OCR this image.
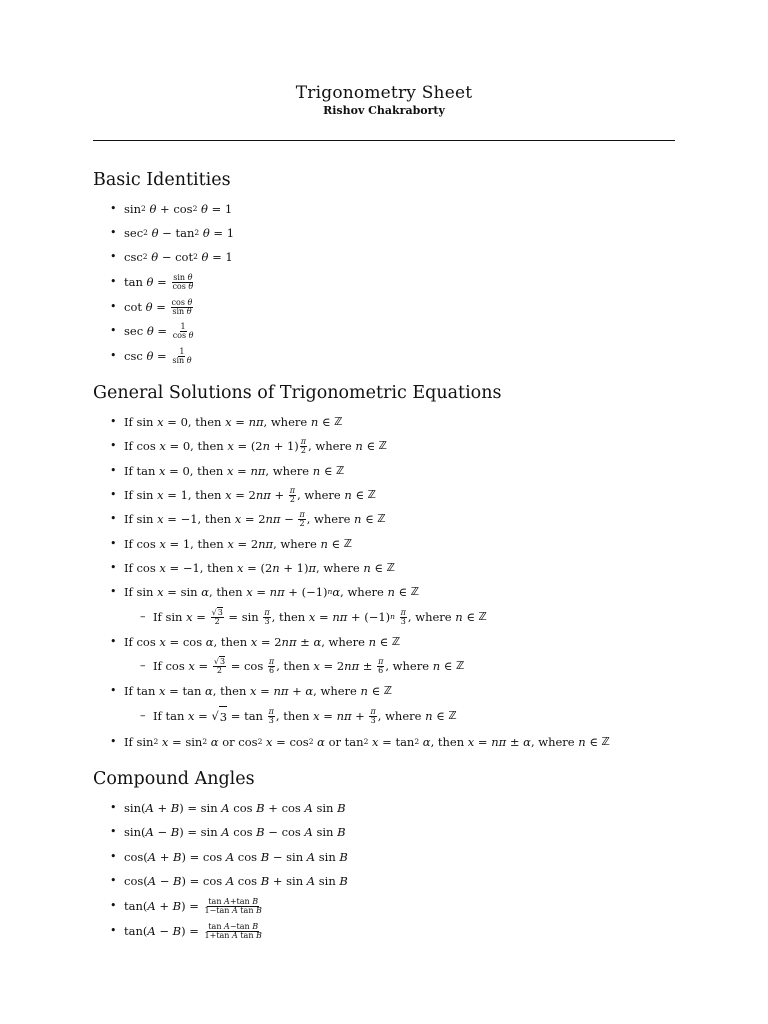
Trigonometry Sheet
Rishov Chakraborty
Basic Identities
• sin 2
θ + cos 2
θ = 1
• sec 2
θ − tan 2
θ = 1
• csc 2
θ − cot 2
θ = 1
• $\tan \theta = \frac{\text{sin θ}}{\text{cos θ}}$
• $\cot \theta = \frac{\text{cos θ}}{\text{sin θ}}$
• $\sec \theta = \frac{1}{\text{cos θ}}$
• $\csc \theta = \frac{1}{\text{sin θ}}$
General Solutions of Trigonometric Equations
• If sin x = 0, then
x = nπ , where
n ∈ ℤ
• If cos x = 0, then
x = (2 $n + 1) \frac{\pi}{2}$ , where
n ∈ ℤ
• If tan x = 0, then
x = nπ , where
n ∈ ℤ
• If sin x = 1, then
x = 2 $n\pi + \frac{\pi}{2}$ , where
n ∈ ℤ
• If sin x = −1, then
x = 2 $n\pi - \frac{\pi}{2}$ , where
n ∈ ℤ
• If cos x = 1, then
x = 2 nπ , where
n ∈ ℤ
• If cos x = −1, then
x = (2 n + 1) π , where
n ∈ ℤ
• If sin x = sin α , then
x = nπ + (−1) n α , where
n ∈ ℤ
– If $\sin x = \frac{√3}{2} = \sin \frac{\pi}{3}$ , then
x = nπ + (−1) n
$\frac{\pi}{3}$ , where
n ∈ ℤ
• If cos x = cos α , then
x = 2 nπ ± α , where
n ∈ ℤ
– If $\cos x = \frac{√3}{2} = \cos \frac{\pi}{6}$ , then
x = 2 $n\pi \pm \frac{\pi}{6}$ , where
n ∈ ℤ
• If tan x = tan α , then
x = nπ + α , where
n ∈ ℤ
– If tan x = √ $3 = \tan \frac{\pi}{3}$ , then
$x = n\pi + \frac{\pi}{3}$ , where
n ∈ ℤ
• If sin 2
x = sin 2
α
or cos 2
x = cos 2
α
or tan 2
x = tan 2
α , then
x = nπ ± α , where
n ∈ ℤ
Compound Angles
• sin( A + B ) = sin A cos B + cos A sin B
• sin( A − B ) = sin A cos B − cos A sin B
• cos( A + B ) = cos A cos B − sin A sin B
• cos( A − B ) = cos A cos B + sin A sin B
• tan( A + B ) = $\frac{\text{tan A+tan B}}{\text{1−tan A tan B}}$
• tan( A − B ) = $\frac{\text{tan A−tan B}}{\text{1+tan A tan B}}$
